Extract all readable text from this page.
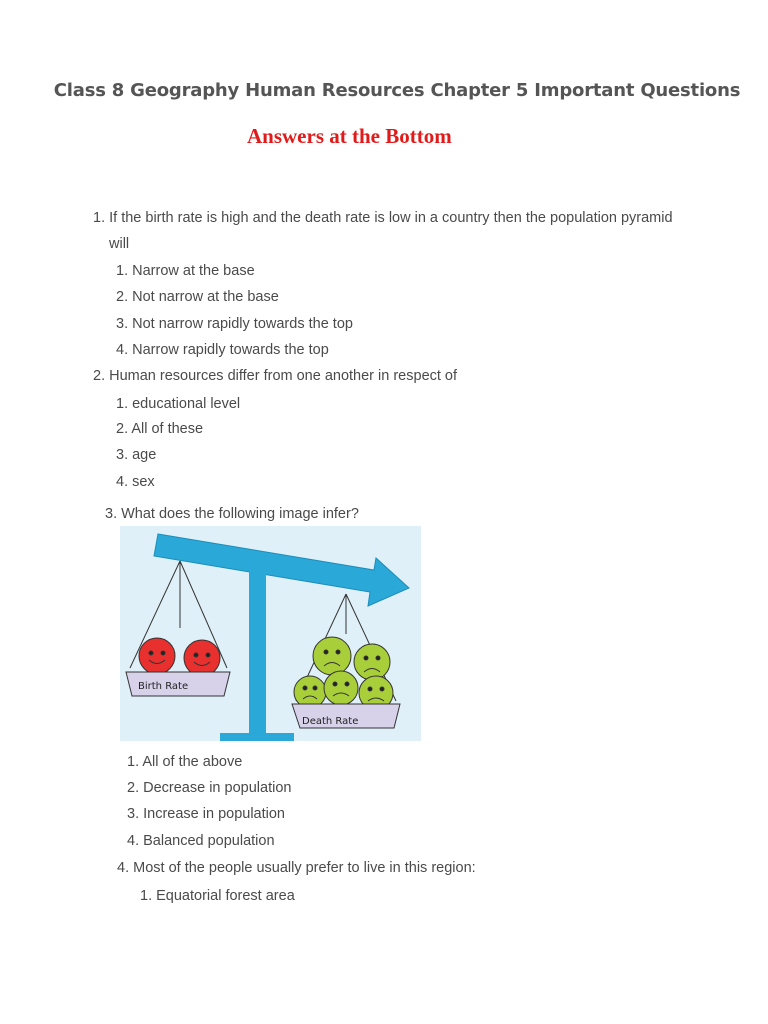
Class 8 Geography Human Resources Chapter 5 Important Questions
Answers at the Bottom
1. If the birth rate is high and the death rate is low in a country then the population pyramid
will
1. Narrow at the base
2. Not narrow at the base
3. Not narrow rapidly towards the top
4. Narrow rapidly towards the top
2. Human resources differ from one another in respect of
1. educational level
2. All of these
3. age
4. sex
3. What does the following image infer?
Birth Rate
Death Rate
1. All of the above
2. Decrease in population
3. Increase in population
4. Balanced population
4. Most of the people usually prefer to live in this region:
1. Equatorial forest area
